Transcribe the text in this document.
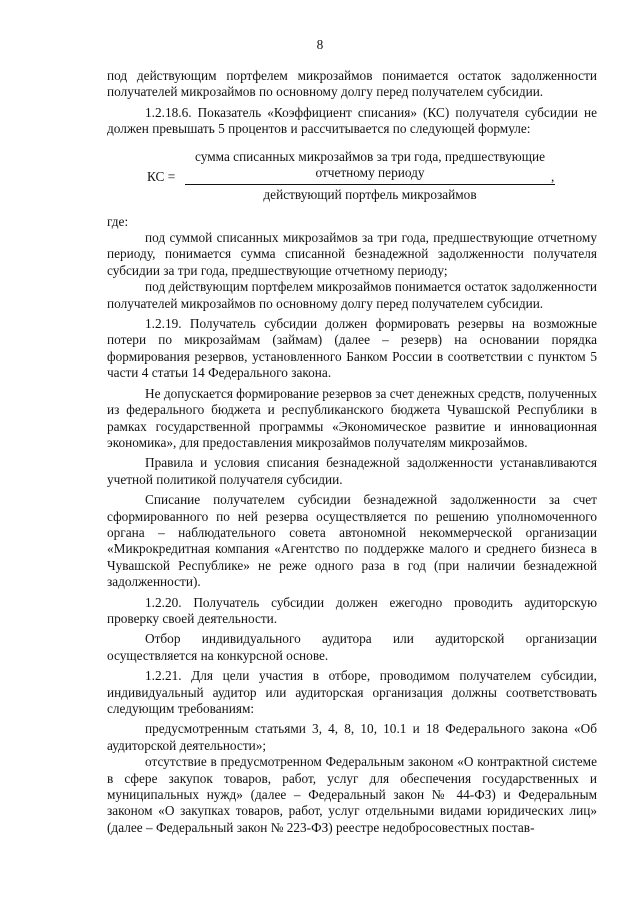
8

под действующим портфелем микрозаймов понимается остаток задолженности получателей микрозаймов по основному долгу перед получателем субсидии.

1.2.18.6. Показатель «Коэффициент списания» (КС) получателя субсидии не должен превышать 5 процентов и рассчитывается по следующей формуле:

КС =
сумма списанных микрозаймов за три года, предшествующие отчетному периоду
действующий портфель микрозаймов
,

где:

под суммой списанных микрозаймов за три года, предшествующие отчетному периоду, понимается сумма списанной безнадежной задолженности получателя субсидии за три года, предшествующие отчетному периоду;

под действующим портфелем микрозаймов понимается остаток задолженности получателей микрозаймов по основному долгу перед получателем субсидии.

1.2.19. Получатель субсидии должен формировать резервы на возможные потери по микрозаймам (займам) (далее – резерв) на основании порядка формирования резервов, установленного Банком России в соответствии с пунктом 5 части 4 статьи 14 Федерального закона.

Не допускается формирование резервов за счет денежных средств, полученных из федерального бюджета и республиканского бюджета Чувашской Республики в рамках государственной программы «Экономическое развитие и инновационная экономика», для предоставления микрозаймов получателям микрозаймов.

Правила и условия списания безнадежной задолженности устанавливаются учетной политикой получателя субсидии.

Списание получателем субсидии безнадежной задолженности за счет сформированного по ней резерва осуществляется по решению уполномоченного органа – наблюдательного совета автономной некоммерческой организации «Микрокредитная компания «Агентство по поддержке малого и среднего бизнеса в Чувашской Республике» не реже одного раза в год (при наличии безнадежной задолженности).

1.2.20. Получатель субсидии должен ежегодно проводить аудиторскую проверку своей деятельности.

Отбор индивидуального аудитора или аудиторской организации осуществляется на конкурсной основе.

1.2.21. Для цели участия в отборе, проводимом получателем субсидии, индивидуальный аудитор или аудиторская организация должны соответствовать следующим требованиям:

предусмотренным статьями 3, 4, 8, 10, 10.1 и 18 Федерального закона «Об аудиторской деятельности»;

отсутствие в предусмотренном Федеральным законом «О контрактной системе в сфере закупок товаров, работ, услуг для обеспечения государственных и муниципальных нужд» (далее – Федеральный закон № 44-ФЗ) и Федеральным законом «О закупках товаров, работ, услуг отдельными видами юридических лиц» (далее – Федеральный закон № 223-ФЗ) реестре недобросовестных постав-
